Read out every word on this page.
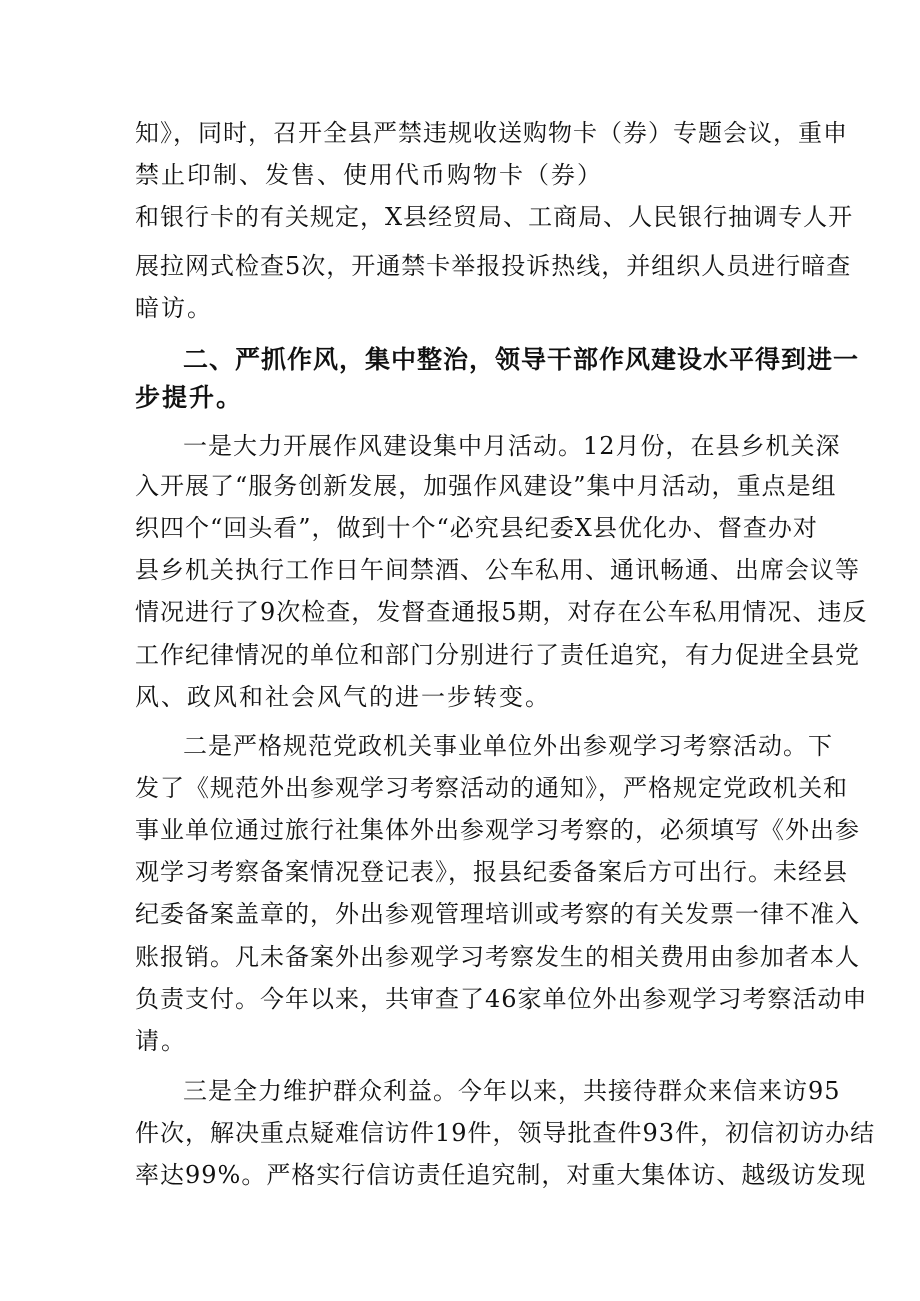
知》，同时，召开全县严禁违规收送购物卡（券）专题会议，重申
禁止印制、发售、使用代币购物卡（券）
和银行卡的有关规定，X县经贸局、工商局、人民银行抽调专人开
展拉网式检查5次，开通禁卡举报投诉热线，并组织人员进行暗查
暗访。
二、严抓作风，集中整治，领导干部作风建设水平得到进一
步提升。
一是大力开展作风建设集中月活动。12月份，在县乡机关深
入开展了“服务创新发展，加强作风建设”集中月活动，重点是组
织四个“回头看”，做到十个“必究县纪委X县优化办、督查办对
县乡机关执行工作日午间禁酒、公车私用、通讯畅通、出席会议等
情况进行了9次检查，发督查通报5期，对存在公车私用情况、违反
工作纪律情况的单位和部门分别进行了责任追究，有力促进全县党
风、政风和社会风气的进一步转变。
二是严格规范党政机关事业单位外出参观学习考察活动。下
发了《规范外出参观学习考察活动的通知》，严格规定党政机关和
事业单位通过旅行社集体外出参观学习考察的，必须填写《外出参
观学习考察备案情况登记表》，报县纪委备案后方可出行。未经县
纪委备案盖章的，外出参观管理培训或考察的有关发票一律不准入
账报销。凡未备案外出参观学习考察发生的相关费用由参加者本人
负责支付。今年以来，共审查了46家单位外出参观学习考察活动申
请。
三是全力维护群众利益。今年以来，共接待群众来信来访95
件次，解决重点疑难信访件19件，领导批查件93件，初信初访办结
率达99%。严格实行信访责任追究制，对重大集体访、越级访发现
